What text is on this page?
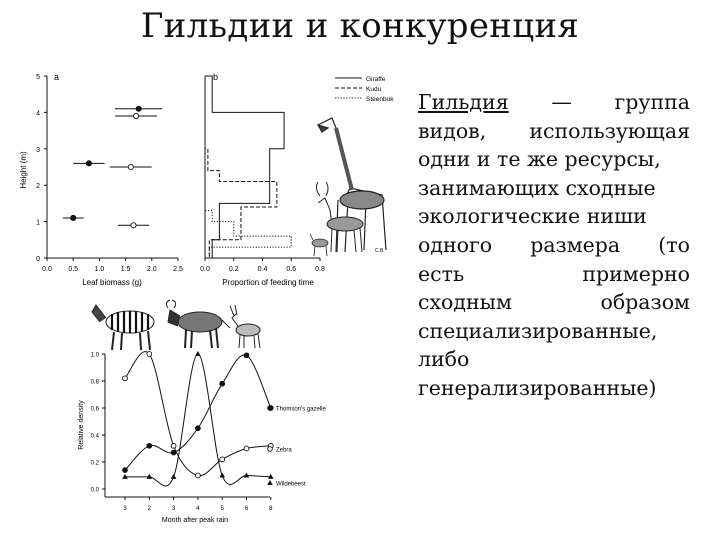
Гильдии и конкуренция
Гильдия — группа
видов, использующая
одни и те же ресурсы,
занимающих сходные
экологические ниши
одного размера (то
есть	примерно
сходным	образом
специализированные,
либо
генерализированные)
a
Leaf biomass (g)
Height (m)
0
1
2
3
4
5
0.0 0.5 1.0 1.5 2.0 2.5
b
Proportion of feeding time
0.0	0.2	0.4	0.6	0.8
Giraffe
Kudu
Steenbok
C.B.
Month after peak rain
Relative density
0.0
0.2
0.4
0.6
0.8
1.0
3	2	3	4	5	6	8
Thomson's gazelle
Zebra
Wildebeest
